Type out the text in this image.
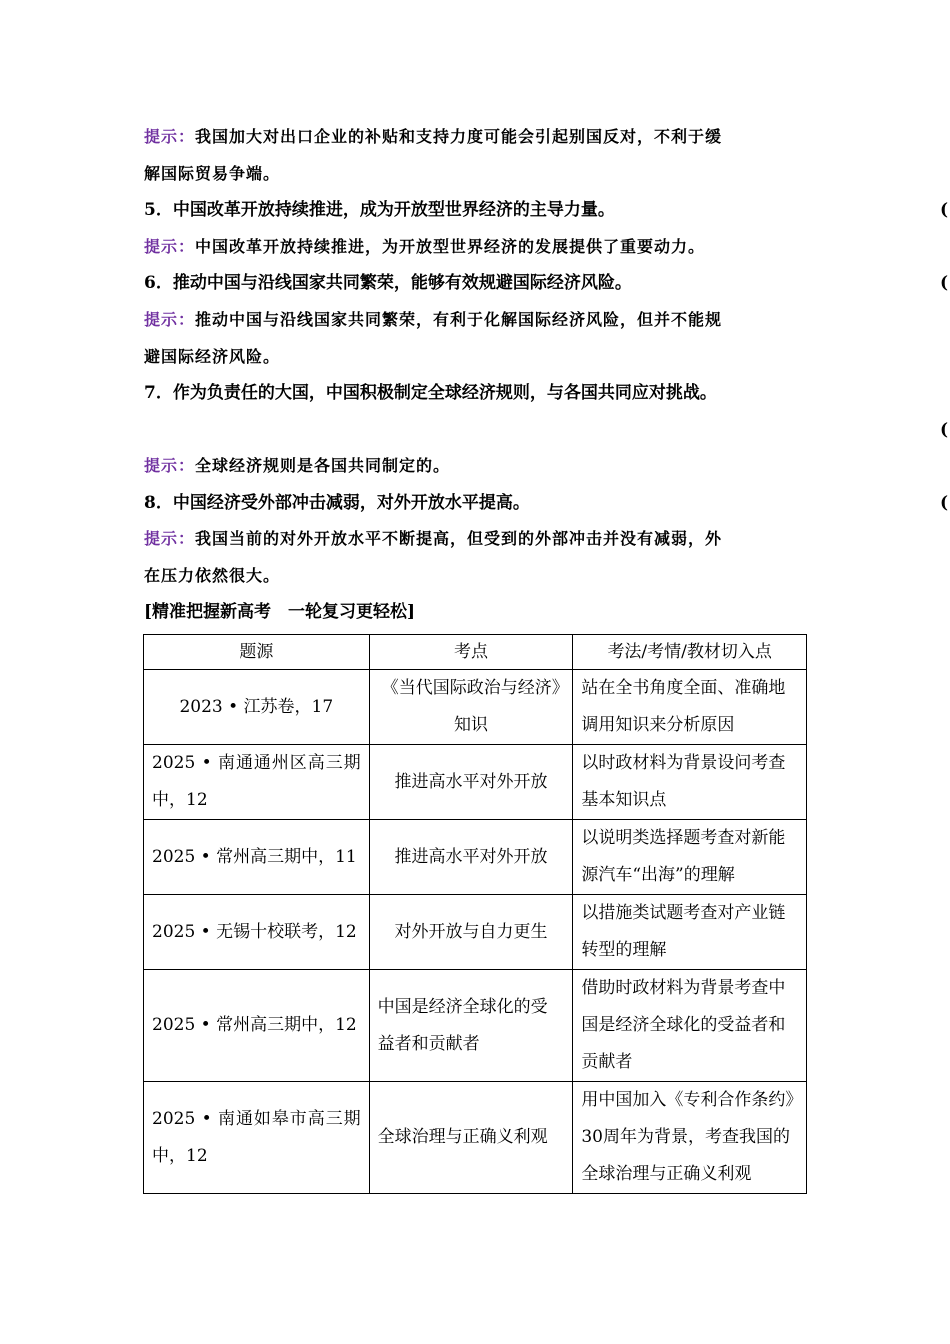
提示：我国加大对出口企业的补贴和支持力度可能会引起别国反对，不利于缓
解国际贸易争端。
5．中国改革开放持续推进，成为开放型世界经济的主导力量。	(
提示：中国改革开放持续推进，为开放型世界经济的发展提供了重要动力。
6．推动中国与沿线国家共同繁荣，能够有效规避国际经济风险。	(
提示：推动中国与沿线国家共同繁荣，有利于化解国际经济风险，但并不能规
避国际经济风险。
7．作为负责任的大国，中国积极制定全球经济规则，与各国共同应对挑战。
(
提示：全球经济规则是各国共同制定的。
8．中国经济受外部冲击减弱，对外开放水平提高。	(
提示：我国当前的对外开放水平不断提高，但受到的外部冲击并没有减弱，外
在压力依然很大。
[精准把握新高考　一轮复习更轻松]
题源	考点	考法/考情/教材切入点
2023 • 江苏卷，17	《当代国际政治与经济》知识	站在全书角度全面、准确地调用知识来分析原因
2025 • 南通通州区高三期中，12	推进高水平对外开放	以时政材料为背景设问考查基本知识点
2025 • 常州高三期中，11	推进高水平对外开放	以说明类选择题考查对新能源汽车“出海”的理解
2025 • 无锡十校联考，12	对外开放与自力更生	以措施类试题考查对产业链转型的理解
2025 • 常州高三期中，12	中国是经济全球化的受益者和贡献者	借助时政材料为背景考查中国是经济全球化的受益者和贡献者
2025 • 南通如皋市高三期中，12	全球治理与正确义利观	用中国加入《专利合作条约》30周年为背景，考查我国的全球治理与正确义利观
